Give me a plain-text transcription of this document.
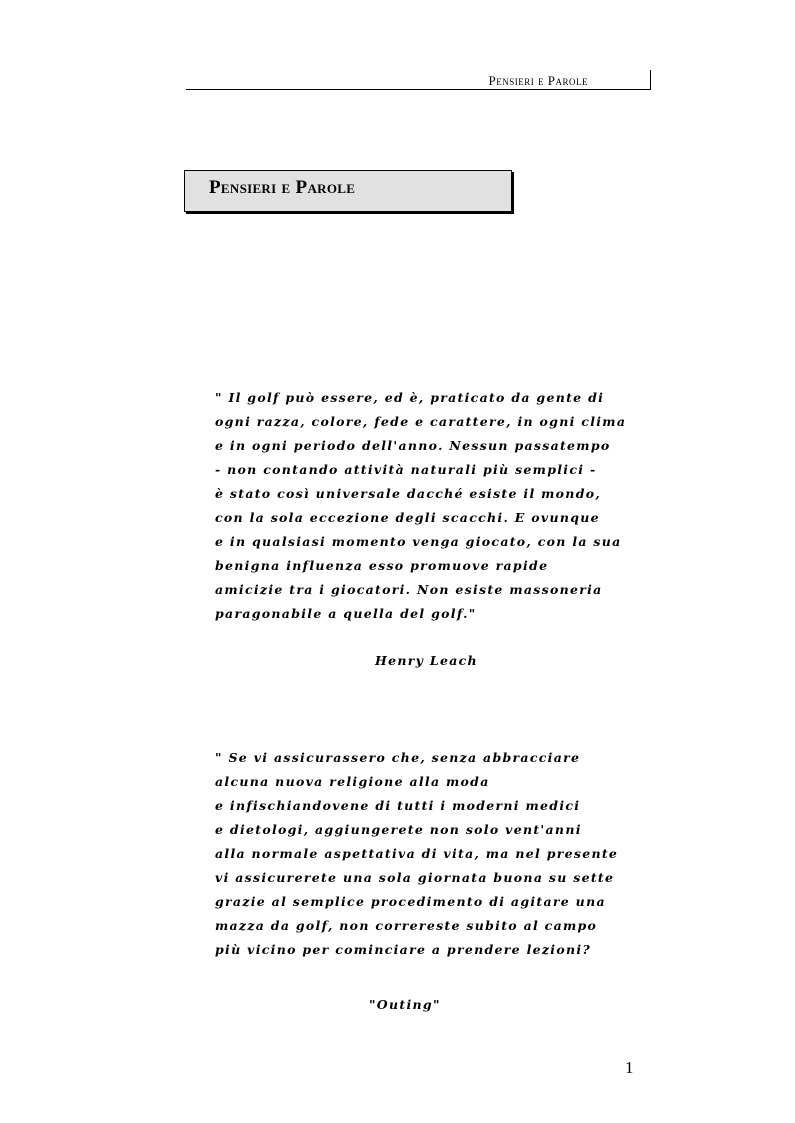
Pensieri e Parole
Pensieri e Parole
" Il golf può essere, ed è, praticato da gente di
ogni razza, colore, fede e carattere, in ogni clima
e in ogni periodo dell'anno. Nessun passatempo
- non contando attività naturali più semplici -
è stato così universale dacché esiste il mondo,
con la sola eccezione degli scacchi. E ovunque
e in qualsiasi momento venga giocato, con la sua
benigna influenza esso promuove rapide
amicizie tra i giocatori. Non esiste massoneria
paragonabile a quella del golf."
Henry Leach
" Se vi assicurassero che, senza abbracciare
alcuna nuova religione alla moda
e infischiandovene di tutti i moderni medici
e dietologi, aggiungerete non solo vent'anni
alla normale aspettativa di vita, ma nel presente
vi assicurerete una sola giornata buona su sette
grazie al semplice procedimento di agitare una
mazza da golf, non correreste subito al campo
più vicino per cominciare a prendere lezioni?
"Outing"
1
